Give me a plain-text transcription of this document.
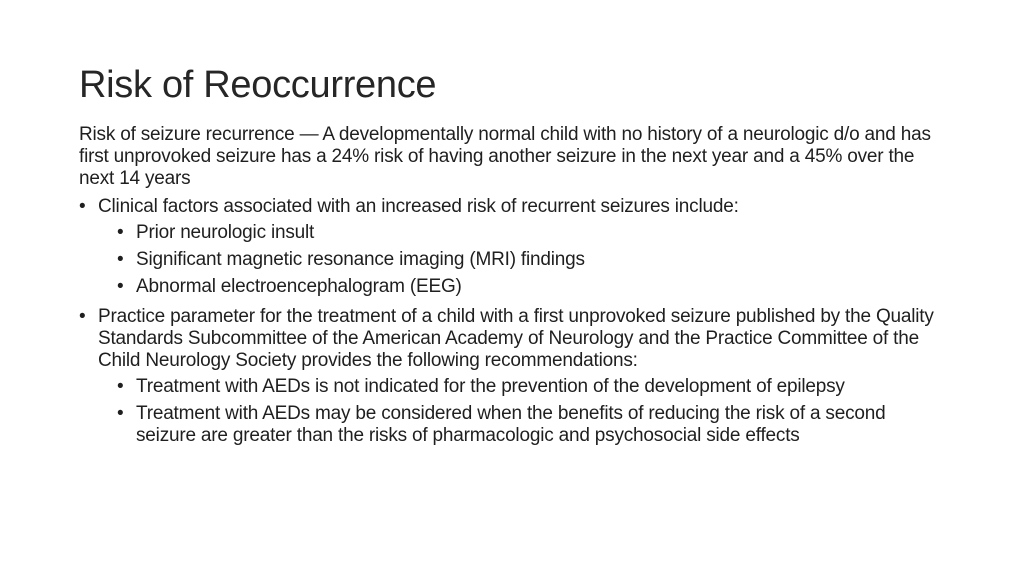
Risk of Reoccurrence

Risk of seizure recurrence — A developmentally normal child with no history of a neurologic d/o and has first unprovoked seizure has a 24% risk of having another seizure in the next year and a 45% over the next 14 years

• Clinical factors associated with an increased risk of recurrent seizures include:

• Prior neurologic insult

• Significant magnetic resonance imaging (MRI) findings

• Abnormal electroencephalogram (EEG)

• Practice parameter for the treatment of a child with a first unprovoked seizure published by the Quality Standards Subcommittee of the American Academy of Neurology and the Practice Committee of the Child Neurology Society provides the following recommendations:

• Treatment with AEDs is not indicated for the prevention of the development of epilepsy

• Treatment with AEDs may be considered when the benefits of reducing the risk of a second seizure are greater than the risks of pharmacologic and psychosocial side effects
